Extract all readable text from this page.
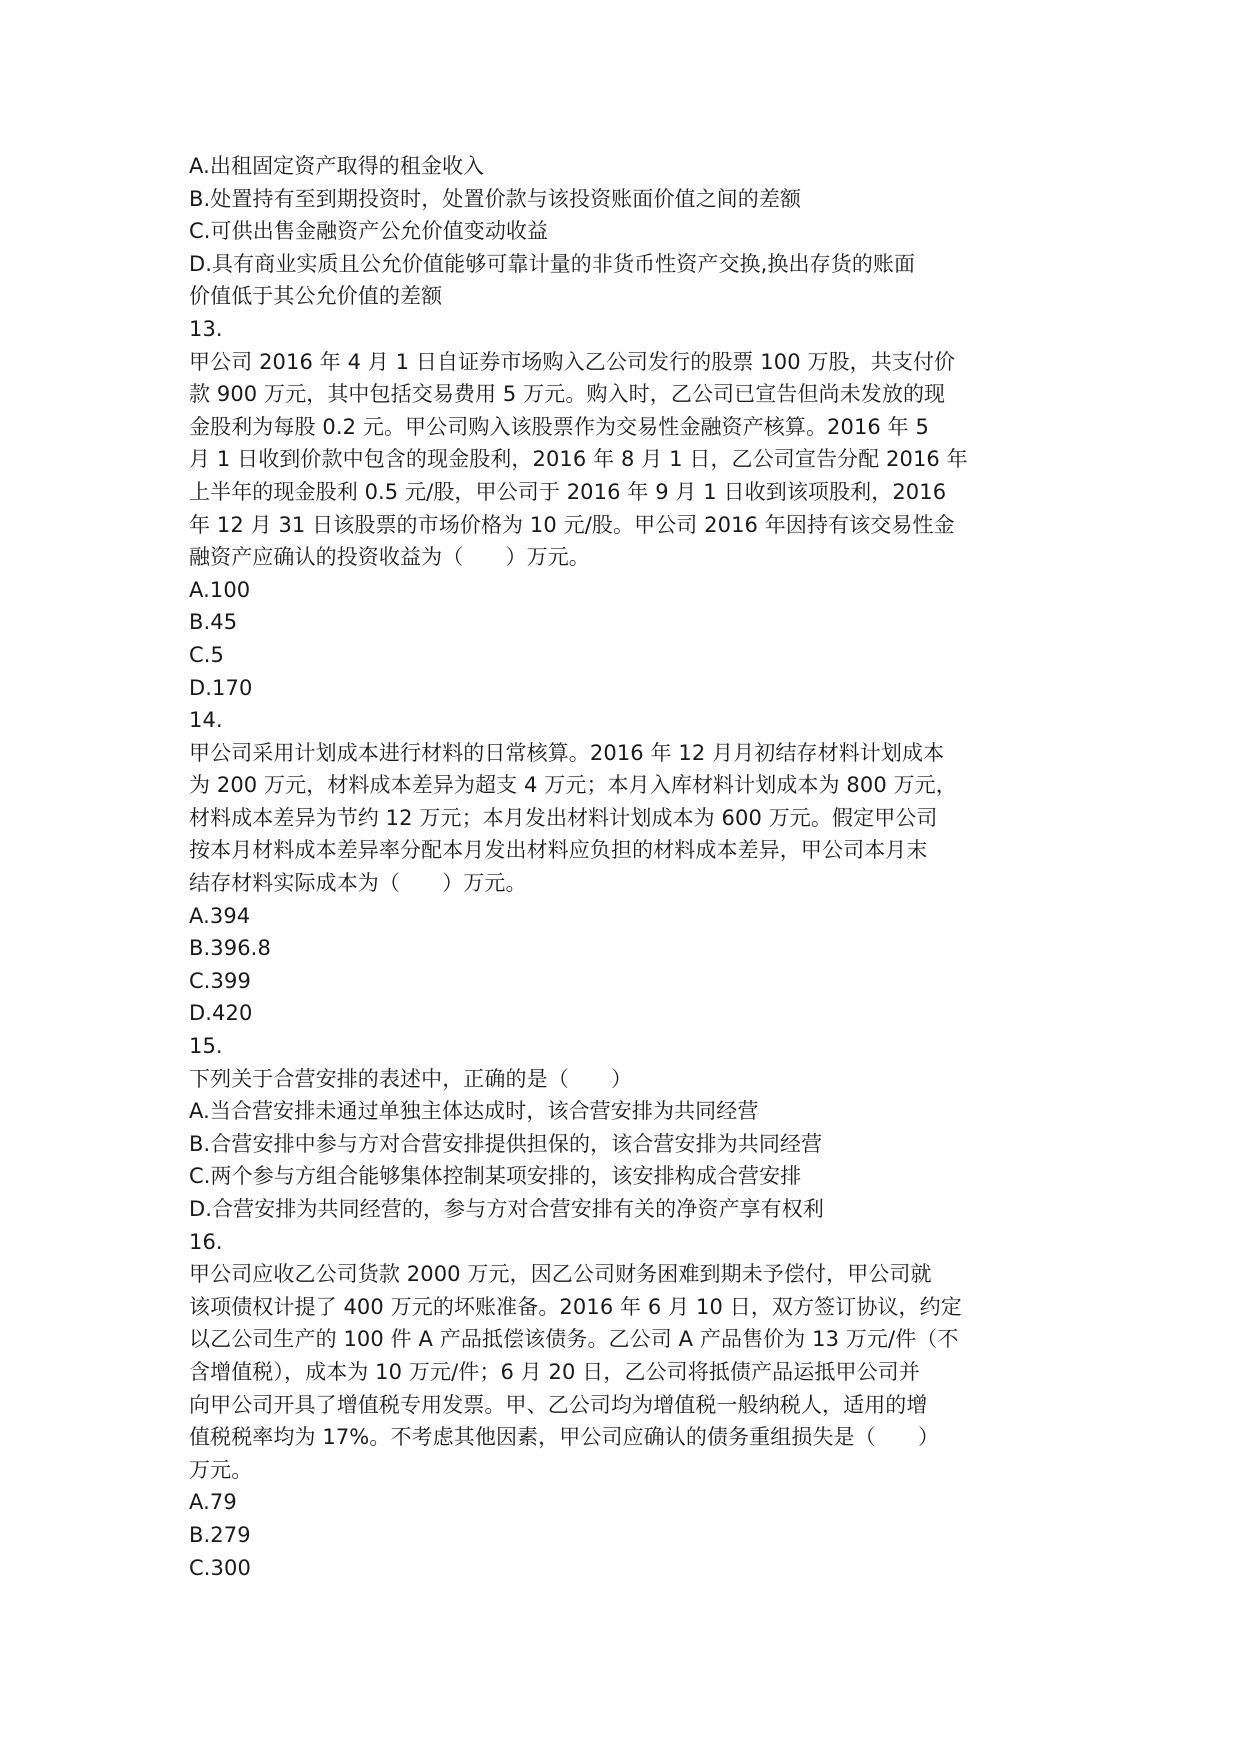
A.出租固定资产取得的租金收入
B.处置持有至到期投资时，处置价款与该投资账面价值之间的差额
C.可供出售金融资产公允价值变动收益
D.具有商业实质且公允价值能够可靠计量的非货币性资产交换,换出存货的账面
价值低于其公允价值的差额
13.
甲公司 2016 年 4 月 1 日自证券市场购入乙公司发行的股票 100 万股，共支付价
款 900 万元，其中包括交易费用 5 万元。购入时，乙公司已宣告但尚未发放的现
金股利为每股 0.2 元。甲公司购入该股票作为交易性金融资产核算。2016 年 5
月 1 日收到价款中包含的现金股利，2016 年 8 月 1 日，乙公司宣告分配 2016 年
上半年的现金股利 0.5 元/股，甲公司于 2016 年 9 月 1 日收到该项股利，2016
年 12 月 31 日该股票的市场价格为 10 元/股。甲公司 2016 年因持有该交易性金
融资产应确认的投资收益为（　　）万元。
A.100
B.45
C.5
D.170
14.
甲公司采用计划成本进行材料的日常核算。2016 年 12 月月初结存材料计划成本
为 200 万元，材料成本差异为超支 4 万元；本月入库材料计划成本为 800 万元，
材料成本差异为节约 12 万元；本月发出材料计划成本为 600 万元。假定甲公司
按本月材料成本差异率分配本月发出材料应负担的材料成本差异，甲公司本月末
结存材料实际成本为（　　）万元。
A.394
B.396.8
C.399
D.420
15.
下列关于合营安排的表述中，正确的是（　　）
A.当合营安排未通过单独主体达成时，该合营安排为共同经营
B.合营安排中参与方对合营安排提供担保的，该合营安排为共同经营
C.两个参与方组合能够集体控制某项安排的，该安排构成合营安排
D.合营安排为共同经营的，参与方对合营安排有关的净资产享有权利
16.
甲公司应收乙公司货款 2000 万元，因乙公司财务困难到期未予偿付，甲公司就
该项债权计提了 400 万元的坏账准备。2016 年 6 月 10 日，双方签订协议，约定
以乙公司生产的 100 件 A 产品抵偿该债务。乙公司 A 产品售价为 13 万元/件（不
含增值税），成本为 10 万元/件；6 月 20 日，乙公司将抵债产品运抵甲公司并
向甲公司开具了增值税专用发票。甲、乙公司均为增值税一般纳税人，适用的增
值税税率均为 17%。不考虑其他因素，甲公司应确认的债务重组损失是（　　）
万元。
A.79
B.279
C.300
